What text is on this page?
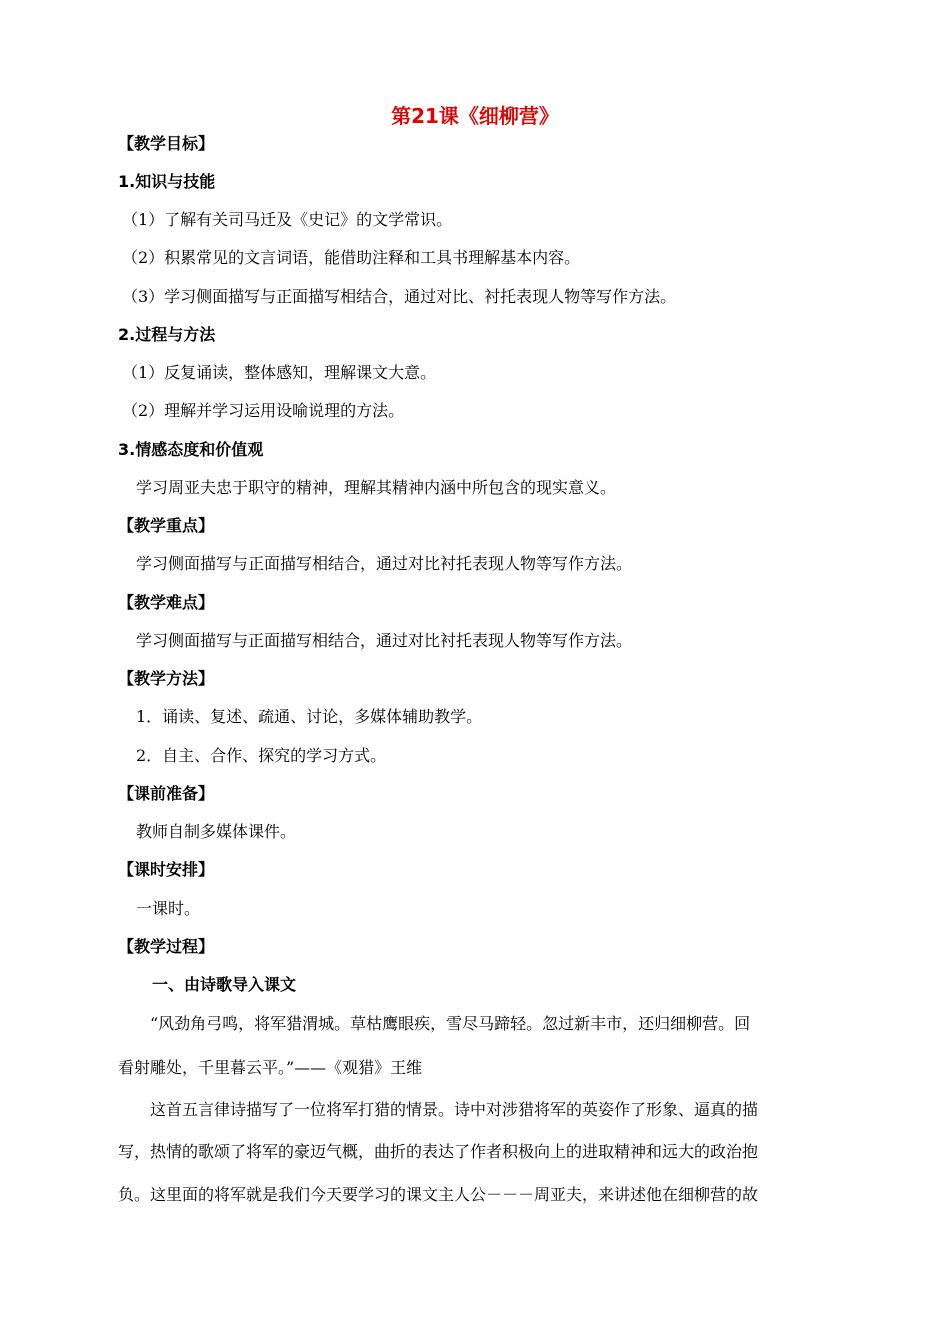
第21课《细柳营》
【教学目标】
1.知识与技能
（1）了解有关司马迁及《史记》的文学常识。
（2）积累常见的文言词语，能借助注释和工具书理解基本内容。
（3）学习侧面描写与正面描写相结合，通过对比、衬托表现人物等写作方法。
2.过程与方法
（1）反复诵读，整体感知，理解课文大意。
（2）理解并学习运用设喻说理的方法。
3.情感态度和价值观
学习周亚夫忠于职守的精神，理解其精神内涵中所包含的现实意义。
【教学重点】
学习侧面描写与正面描写相结合，通过对比衬托表现人物等写作方法。
【教学难点】
学习侧面描写与正面描写相结合，通过对比衬托表现人物等写作方法。
【教学方法】
1．诵读、复述、疏通、讨论，多媒体辅助教学。
2．自主、合作、探究的学习方式。
【课前准备】
教师自制多媒体课件。
【课时安排】
一课时。
【教学过程】
一、由诗歌导入课文
“风劲角弓鸣，将军猎渭城。草枯鹰眼疾，雪尽马蹄轻。忽过新丰市，还归细柳营。回
看射雕处，千里暮云平。”——《观猎》王维
这首五言律诗描写了一位将军打猎的情景。诗中对涉猎将军的英姿作了形象、逼真的描
写，热情的歌颂了将军的豪迈气概，曲折的表达了作者积极向上的进取精神和远大的政治抱
负。这里面的将军就是我们今天要学习的课文主人公－－－周亚夫，来讲述他在细柳营的故
